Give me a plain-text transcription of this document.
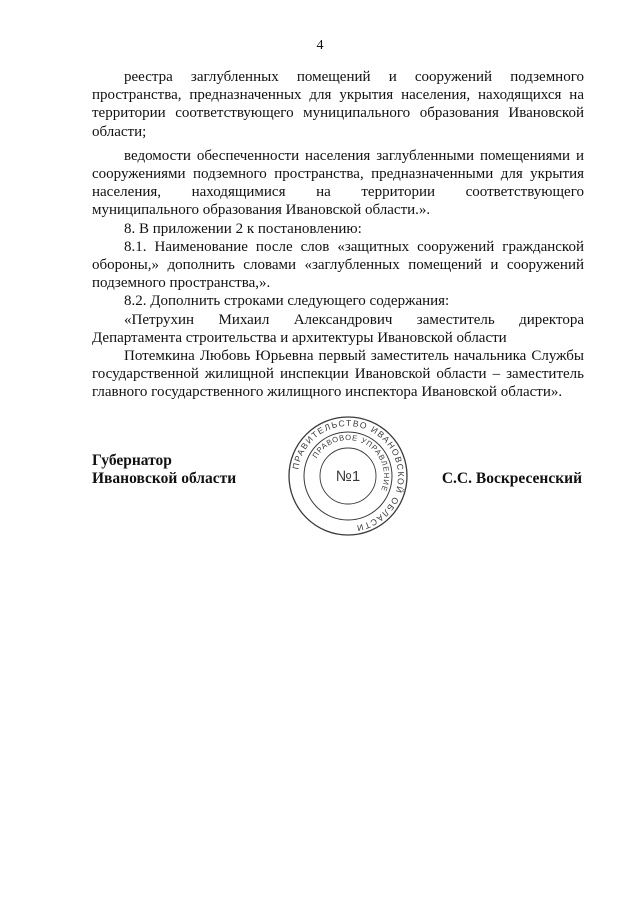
4

реестра заглубленных помещений и сооружений подземного пространства, предназначенных для укрытия населения, находящихся на территории соответствующего муниципального образования Ивановской области;

ведомости обеспеченности населения заглубленными помещениями и сооружениями подземного пространства, предназначенными для укрытия населения, находящимися на территории соответствующего муниципального образования Ивановской области.».

8. В приложении 2 к постановлению:

8.1. Наименование после слов «защитных сооружений гражданской обороны,» дополнить словами «заглубленных помещений и сооружений подземного пространства,».

8.2. Дополнить строками следующего содержания:

«Петрухин Михаил Александрович заместитель директора Департамента строительства и архитектуры Ивановской области

Потемкина Любовь Юрьевна первый заместитель начальника Службы государственной жилищной инспекции Ивановской области – заместитель главного государственного жилищного инспектора Ивановской области».

Губернатор
Ивановской области	С.С. Воскресенский
ПРАВИТЕЛЬСТВО ИВАНОВСКОЙ ОБЛАСТИ
ПРАВОВОЕ УПРАВЛЕНИЕ
№1
